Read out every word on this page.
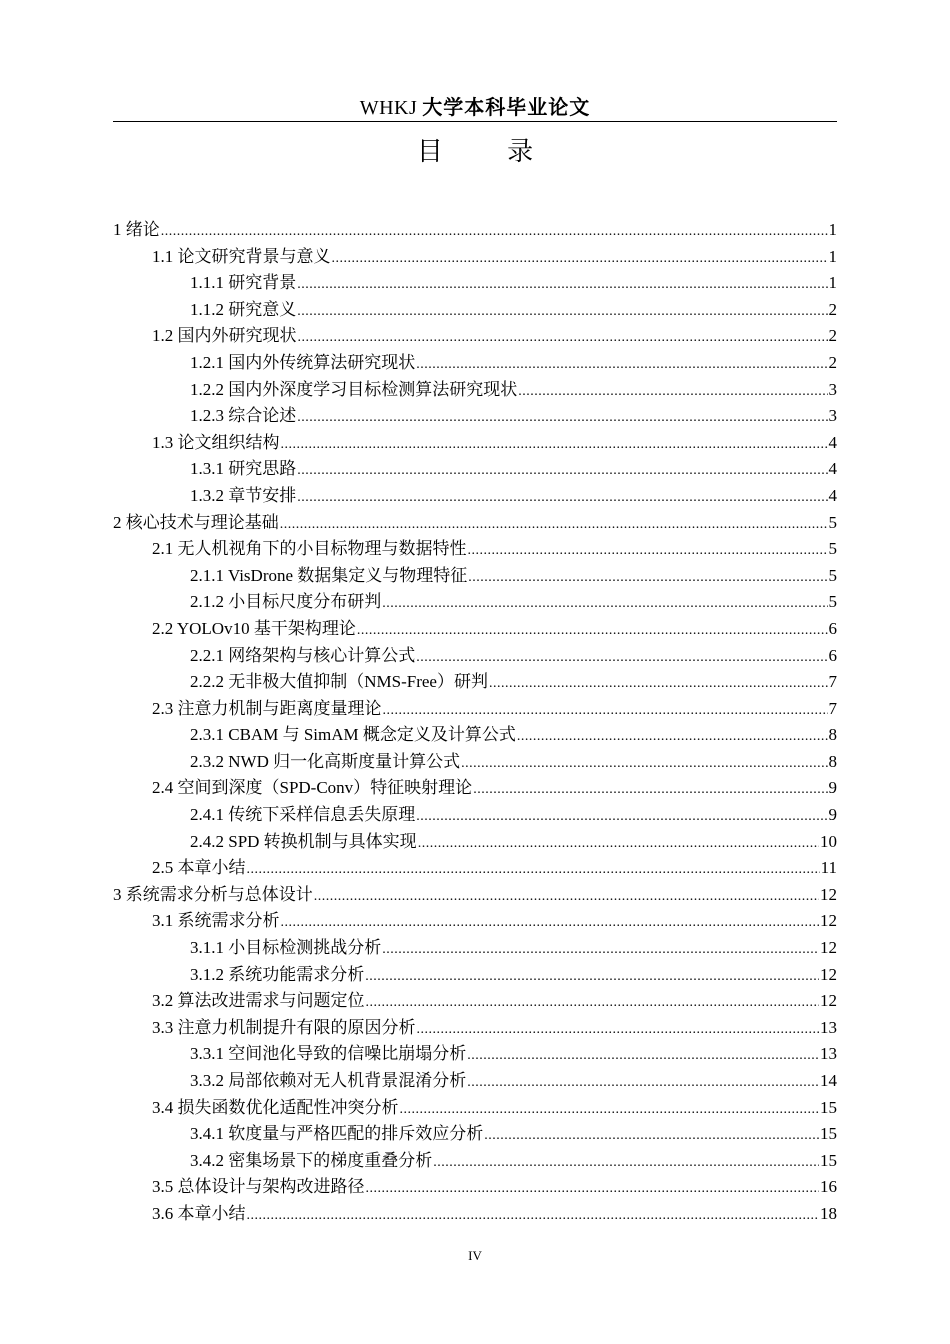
WHKJ 大学本科毕业论文
目 录
1 绪论 .....	1
1.1 论文研究背景与意义 .....	1
1.1.1 研究背景 .....	1
1.1.2 研究意义 .....	2
1.2 国内外研究现状 .....	2
1.2.1 国内外传统算法研究现状 .....	2
1.2.2 国内外深度学习目标检测算法研究现状 .....	3
1.2.3 综合论述 .....	3
1.3 论文组织结构 .....	4
1.3.1 研究思路 .....	4
1.3.2 章节安排 .....	4
2 核心技术与理论基础 .....	5
2.1 无人机视角下的小目标物理与数据特性 .....	5
2.1.1 VisDrone 数据集定义与物理特征 .....	5
2.1.2 小目标尺度分布研判 .....	5
2.2 YOLOv10 基干架构理论 .....	6
2.2.1 网络架构与核心计算公式 .....	6
2.2.2 无非极大值抑制（NMS-Free）研判 .....	7
2.3 注意力机制与距离度量理论 .....	7
2.3.1 CBAM 与 SimAM 概念定义及计算公式 .....	8
2.3.2 NWD 归一化高斯度量计算公式 .....	8
2.4 空间到深度（SPD-Conv）特征映射理论 .....	9
2.4.1 传统下采样信息丢失原理 .....	9
2.4.2 SPD 转换机制与具体实现 .....	10
2.5 本章小结 .....	11
3 系统需求分析与总体设计 .....	12
3.1 系统需求分析 .....	12
3.1.1 小目标检测挑战分析 .....	12
3.1.2 系统功能需求分析 .....	12
3.2 算法改进需求与问题定位 .....	12
3.3 注意力机制提升有限的原因分析 .....	13
3.3.1 空间池化导致的信噪比崩塌分析 .....	13
3.3.2 局部依赖对无人机背景混淆分析 .....	14
3.4 损失函数优化适配性冲突分析 .....	15
3.4.1 软度量与严格匹配的排斥效应分析 .....	15
3.4.2 密集场景下的梯度重叠分析 .....	15
3.5 总体设计与架构改进路径 .....	16
3.6 本章小结 .....	18
IV
